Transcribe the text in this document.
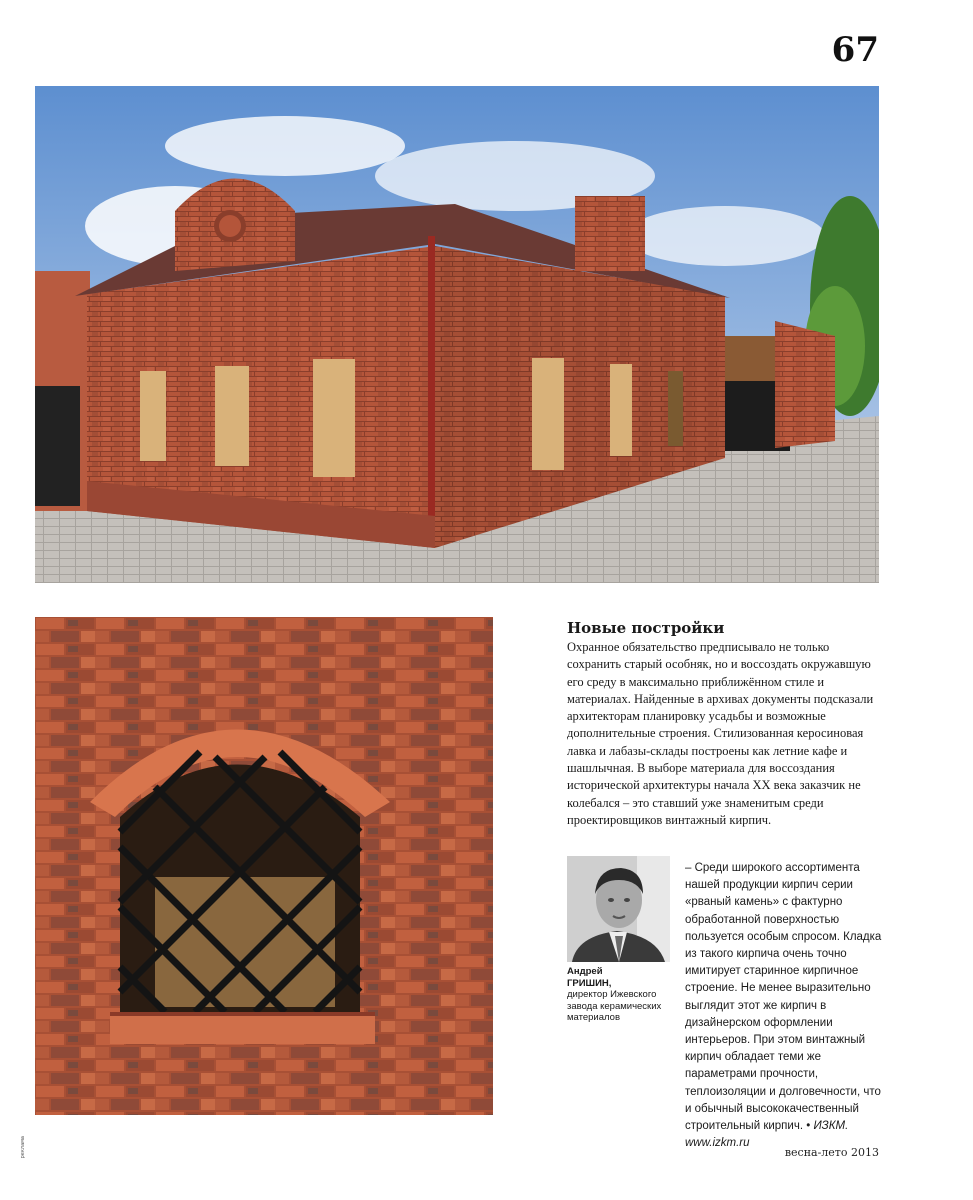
67
Новые постройки

Охранное обязательство предписывало не только сохранить старый особняк, но и воссоздать окружавшую его среду в максимально приближённом стиле и материалах. Найденные в архивах документы подсказали архитекторам планировку усадьбы и возможные дополнительные строения. Стилизованная керосиновая лавка и лабазы-склады построены как летние кафе и шашлычная. В выборе материала для воссоздания исторической архитектуры начала XX века заказчик не колебался – это ставший уже знаменитым среди проектировщиков винтажный кирпич.

Андрей
ГРИШИН,
директор Ижевского завода керамических материалов
– Среди широкого ассортимента нашей продукции кирпич серии «рваный камень» с фактурно обработанной поверхностью пользуется особым спросом. Кладка из такого кирпича очень точно имитирует старинное кирпичное строение. Не менее выразительно выглядит этот же кирпич в дизайнерском оформлении интерьеров. При этом винтажный кирпич обладает теми же параметрами прочности, теплоизоляции и долговечности, что и обычный высококачественный строительный кирпич. • ИЗКМ. www.izkm.ru
реклама	весна-лето 2013
